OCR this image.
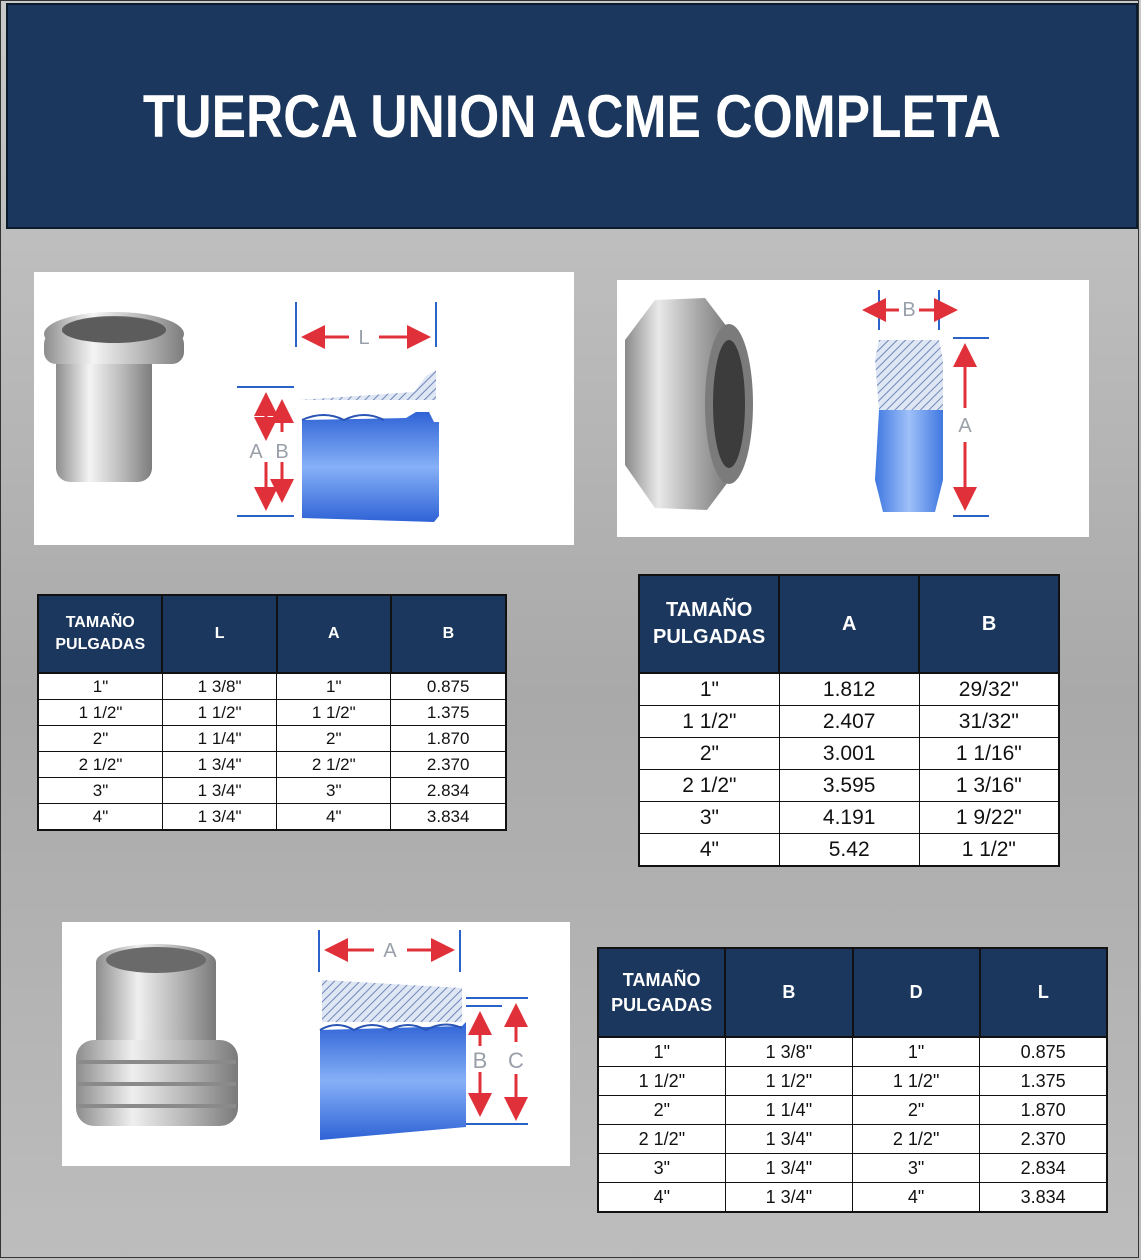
TUERCA UNION ACME COMPLETA
L
A B
B
A
A
B C
TAMAÑO
PULGADAS	L	A	B
1"	1 3/8"	1"	0.875
1 1/2"	1 1/2"	1 1/2"	1.375
2"	1 1/4"	2"	1.870
2 1/2"	1 3/4"	2 1/2"	2.370
3"	1 3/4"	3"	2.834
4"	1 3/4"	4"	3.834
TAMAÑO
PULGADAS	A	B
1"	1.812	29/32"
1 1/2"	2.407	31/32"
2"	3.001	1 1/16"
2 1/2"	3.595	1 3/16"
3"	4.191	1 9/22"
4"	5.42	1 1/2"
TAMAÑO
PULGADAS	B	D	L
1"	1 3/8"	1"	0.875
1 1/2"	1 1/2"	1 1/2"	1.375
2"	1 1/4"	2"	1.870
2 1/2"	1 3/4"	2 1/2"	2.370
3"	1 3/4"	3"	2.834
4"	1 3/4"	4"	3.834
